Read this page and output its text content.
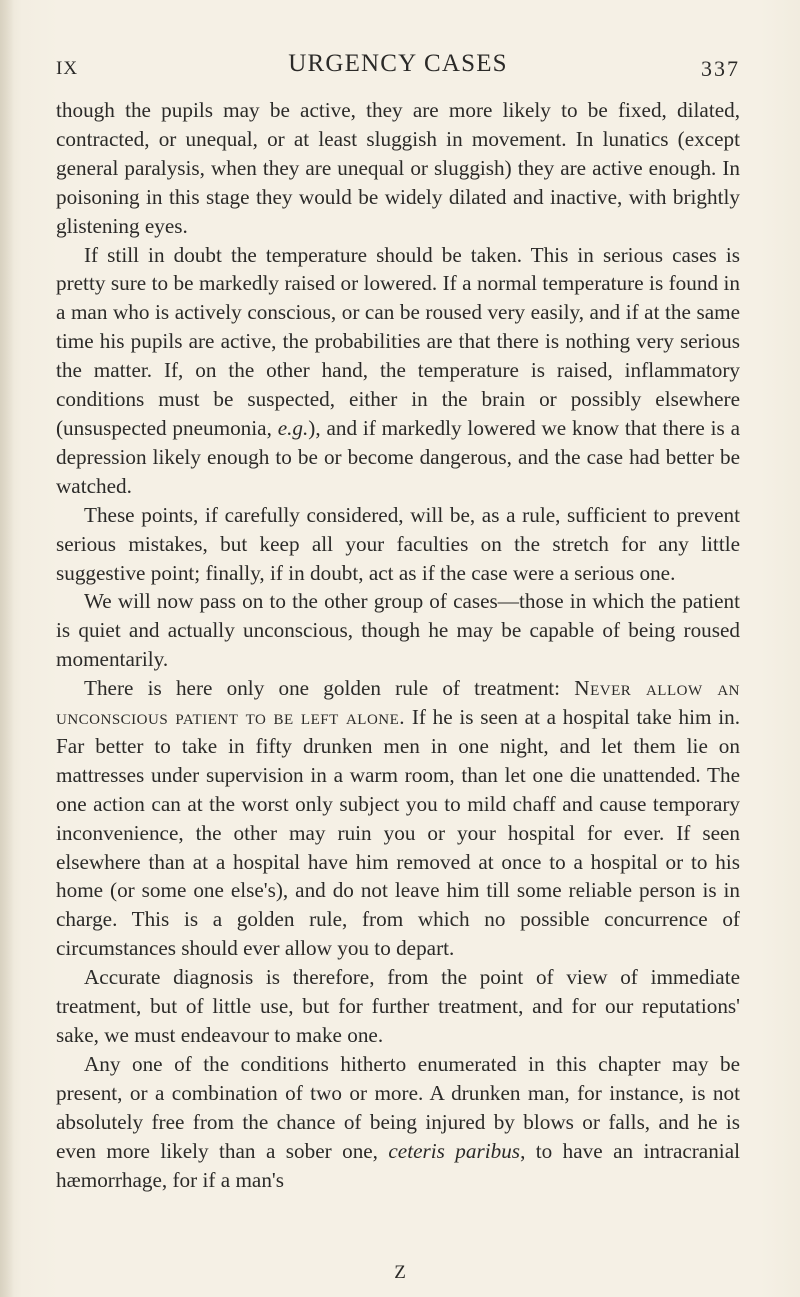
IX	URGENCY CASES	337

though the pupils may be active, they are more likely to be fixed, dilated, contracted, or unequal, or at least sluggish in movement. In lunatics (except general paralysis, when they are unequal or sluggish) they are active enough. In poisoning in this stage they would be widely dilated and inactive, with brightly glistening eyes.

If still in doubt the temperature should be taken. This in serious cases is pretty sure to be markedly raised or lowered. If a normal temperature is found in a man who is actively conscious, or can be roused very easily, and if at the same time his pupils are active, the probabilities are that there is nothing very serious the matter. If, on the other hand, the temperature is raised, inflammatory conditions must be suspected, either in the brain or possibly elsewhere (unsuspected pneumonia, e.g.), and if markedly lowered we know that there is a depression likely enough to be or become dangerous, and the case had better be watched.

These points, if carefully considered, will be, as a rule, sufficient to prevent serious mistakes, but keep all your faculties on the stretch for any little suggestive point; finally, if in doubt, act as if the case were a serious one.

We will now pass on to the other group of cases—those in which the patient is quiet and actually unconscious, though he may be capable of being roused momentarily.

There is here only one golden rule of treatment: Never allow an unconscious patient to be left alone. If he is seen at a hospital take him in. Far better to take in fifty drunken men in one night, and let them lie on mattresses under supervision in a warm room, than let one die unattended. The one action can at the worst only subject you to mild chaff and cause temporary inconvenience, the other may ruin you or your hospital for ever. If seen elsewhere than at a hospital have him removed at once to a hospital or to his home (or some one else's), and do not leave him till some reliable person is in charge. This is a golden rule, from which no possible concurrence of circumstances should ever allow you to depart.

Accurate diagnosis is therefore, from the point of view of immediate treatment, but of little use, but for further treatment, and for our reputations' sake, we must endeavour to make one.

Any one of the conditions hitherto enumerated in this chapter may be present, or a combination of two or more. A drunken man, for instance, is not absolutely free from the chance of being injured by blows or falls, and he is even more likely than a sober one, ceteris paribus, to have an intracranial hæmorrhage, for if a man's

Z
